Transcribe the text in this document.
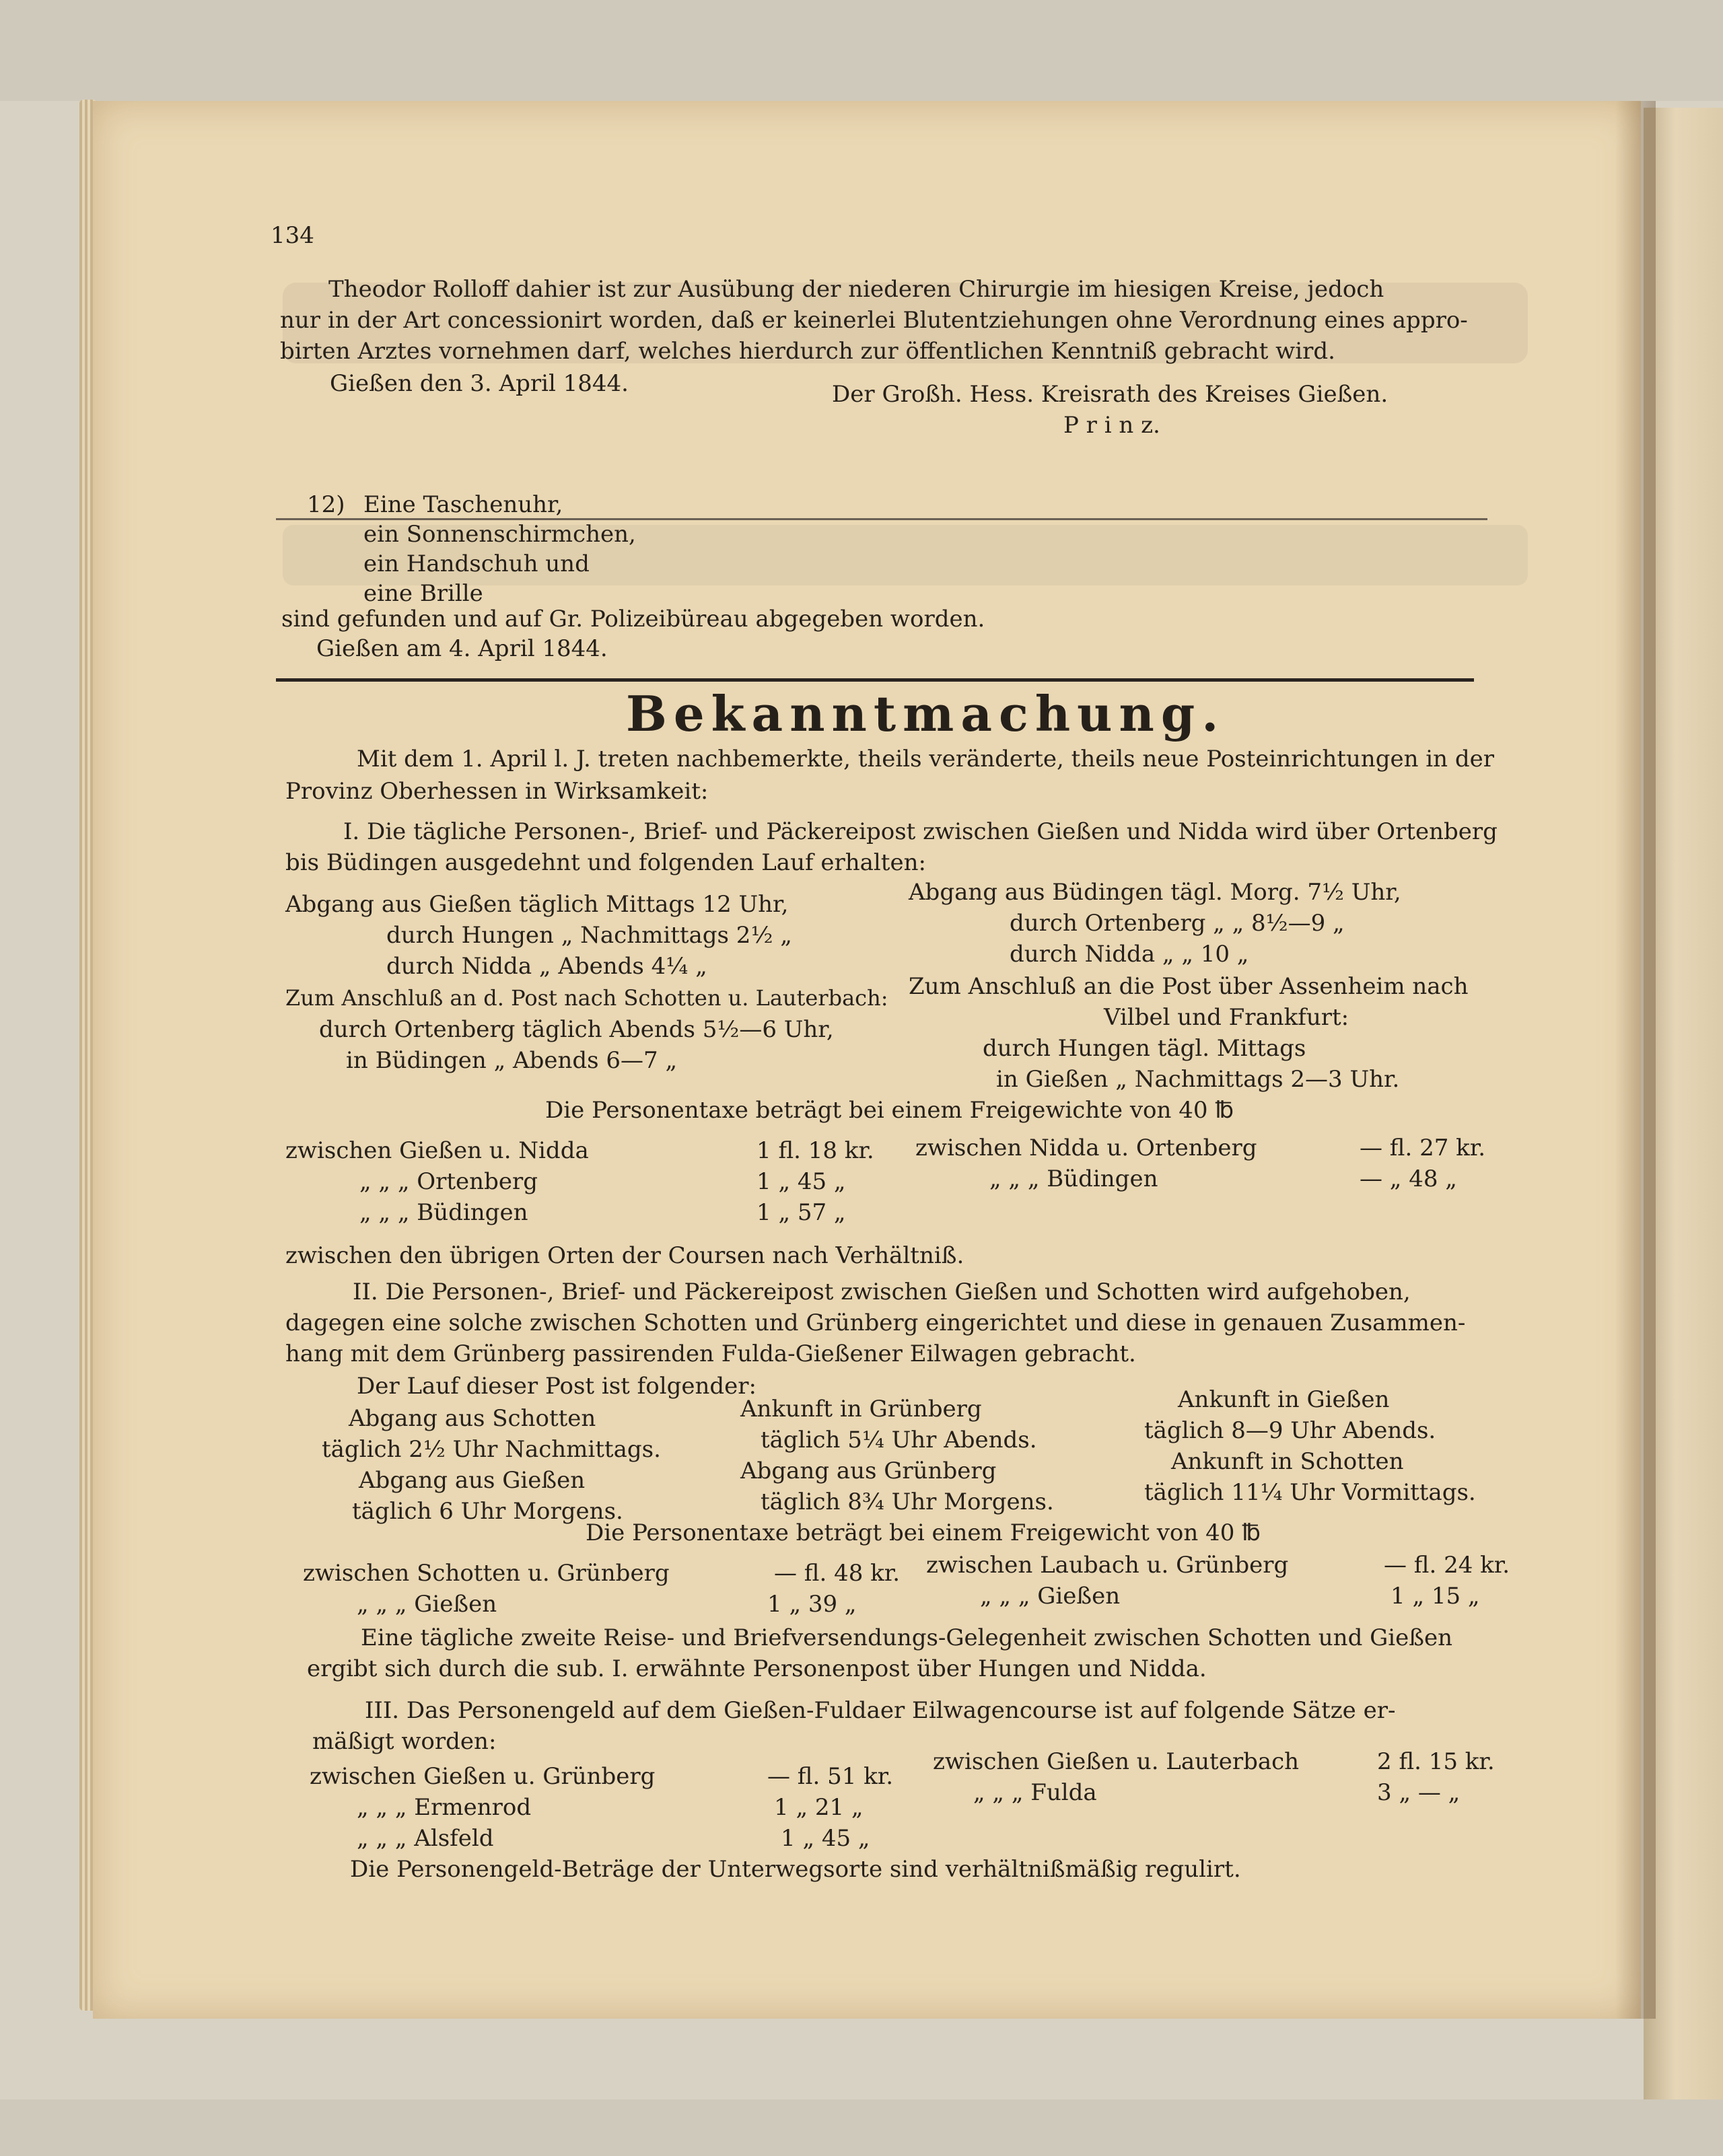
134
Theodor Rolloff dahier ist zur Ausübung der niederen Chirurgie im hiesigen Kreise, jedoch
nur in der Art concessionirt worden, daß er keinerlei Blutentziehungen ohne Verordnung eines appro-
birten Arztes vornehmen darf, welches hierdurch zur öffentlichen Kenntniß gebracht wird.
Gießen den 3. April 1844.	Der Großh. Hess. Kreisrath des Kreises Gießen.
P r i n z.
12) Eine Taschenuhr,
ein Sonnenschirmchen,
ein Handschuh und
eine Brille
sind gefunden und auf Gr. Polizeibüreau abgegeben worden.
Gießen am 4. April 1844.
Bekanntmachung.
Mit dem 1. April l. J. treten nachbemerkte, theils veränderte, theils neue Posteinrichtungen in der
Provinz Oberhessen in Wirksamkeit:
I. Die tägliche Personen-, Brief- und Päckereipost zwischen Gießen und Nidda wird über Ortenberg
bis Büdingen ausgedehnt und folgenden Lauf erhalten:
Abgang aus Gießen täglich Mittags 12 Uhr,
durch Hungen „ Nachmittags 2½ „
durch Nidda „ Abends 4¼ „
Zum Anschluß an d. Post nach Schotten u. Lauterbach:
durch Ortenberg täglich Abends 5½—6 Uhr,
in Büdingen „ Abends 6—7 „
Abgang aus Büdingen tägl. Morg. 7½ Uhr,
durch Ortenberg „ „ 8½—9 „
durch Nidda „ „ 10 „
Zum Anschluß an die Post über Assenheim nach
Vilbel und Frankfurt:
durch Hungen tägl. Mittags
in Gießen „ Nachmittags 2—3 Uhr.
Die Personentaxe beträgt bei einem Freigewichte von 40 ℔
zwischen Gießen u. Nidda	1 fl. 18 kr.
„ „ „ Ortenberg	1 „ 45 „
„ „ „ Büdingen	1 „ 57 „
zwischen Nidda u. Ortenberg	— fl. 27 kr.
„ „ „ Büdingen	— „ 48 „
zwischen den übrigen Orten der Coursen nach Verhältniß.
II. Die Personen-, Brief- und Päckereipost zwischen Gießen und Schotten wird aufgehoben,
dagegen eine solche zwischen Schotten und Grünberg eingerichtet und diese in genauen Zusammen-
hang mit dem Grünberg passirenden Fulda-Gießener Eilwagen gebracht.
Der Lauf dieser Post ist folgender:
Abgang aus Schotten
täglich 2½ Uhr Nachmittags.
Abgang aus Gießen
täglich 6 Uhr Morgens.
Ankunft in Grünberg
täglich 5¼ Uhr Abends.
Abgang aus Grünberg
täglich 8¾ Uhr Morgens.
Ankunft in Gießen
täglich 8—9 Uhr Abends.
Ankunft in Schotten
täglich 11¼ Uhr Vormittags.
Die Personentaxe beträgt bei einem Freigewicht von 40 ℔
zwischen Schotten u. Grünberg	— fl. 48 kr.
„ „ „ Gießen	1 „ 39 „
zwischen Laubach u. Grünberg	— fl. 24 kr.
„ „ „ Gießen	1 „ 15 „
Eine tägliche zweite Reise- und Briefversendungs-Gelegenheit zwischen Schotten und Gießen
ergibt sich durch die sub. I. erwähnte Personenpost über Hungen und Nidda.
III. Das Personengeld auf dem Gießen-Fuldaer Eilwagencourse ist auf folgende Sätze er-
mäßigt worden:
zwischen Gießen u. Grünberg	— fl. 51 kr.
„ „ „ Ermenrod	1 „ 21 „
„ „ „ Alsfeld	1 „ 45 „
zwischen Gießen u. Lauterbach	2 fl. 15 kr.
„ „ „ Fulda	3 „ — „
Die Personengeld-Beträge der Unterwegsorte sind verhältnißmäßig regulirt.
